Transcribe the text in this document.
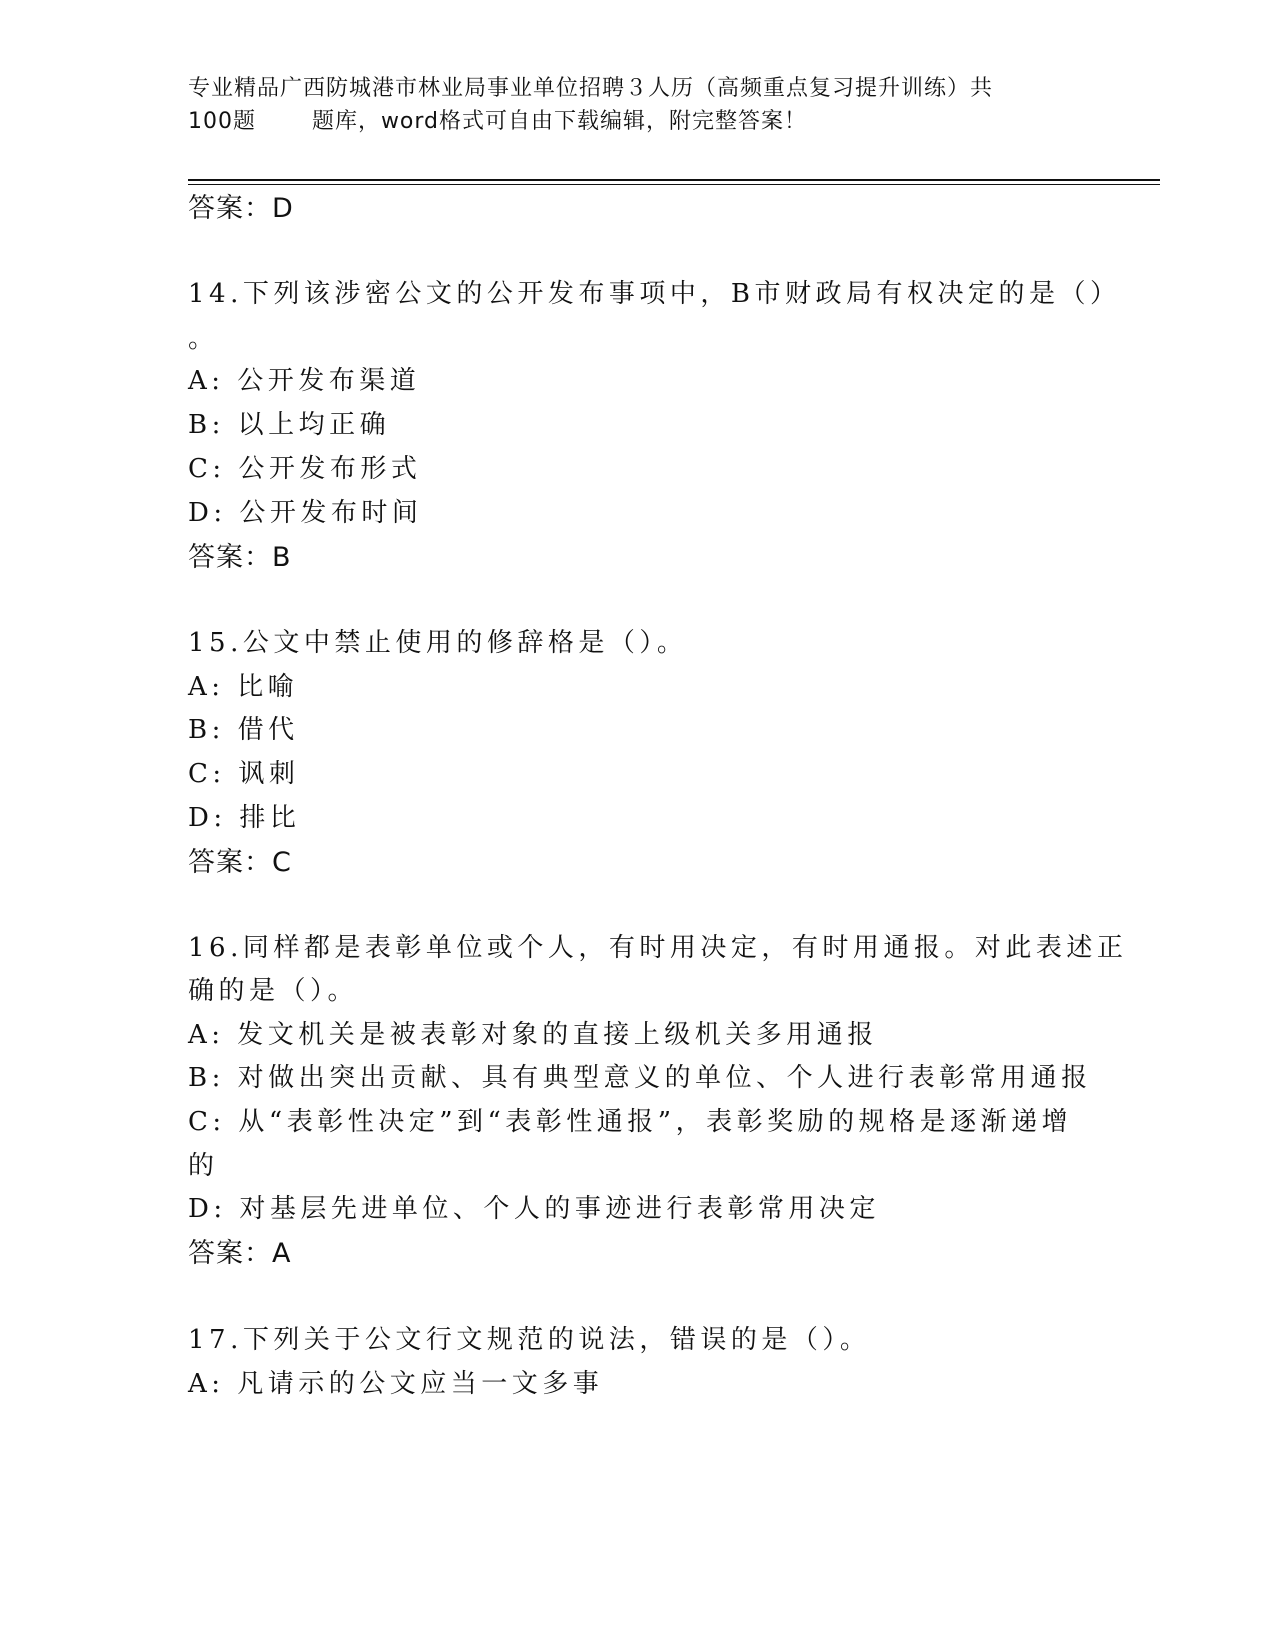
专业精品广西防城港市林业局事业单位招聘３人历（高频重点复习提升训练）共
100题       题库，word格式可自由下载编辑，附完整答案！
答案：D
14.下列该涉密公文的公开发布事项中，B市财政局有权决定的是（）
。
A: 公开发布渠道
B: 以上均正确
C: 公开发布形式
D: 公开发布时间
答案：B
15.公文中禁止使用的修辞格是（）。
A: 比喻
B: 借代
C: 讽刺
D: 排比
答案：C
16.同样都是表彰单位或个人，有时用决定，有时用通报。对此表述正
确的是（）。
A: 发文机关是被表彰对象的直接上级机关多用通报
B: 对做出突出贡献、具有典型意义的单位、个人进行表彰常用通报
C: 从“表彰性决定”到“表彰性通报”，表彰奖励的规格是逐渐递增
的
D: 对基层先进单位、个人的事迹进行表彰常用决定
答案：A
17.下列关于公文行文规范的说法，错误的是（）。
A: 凡请示的公文应当一文多事
